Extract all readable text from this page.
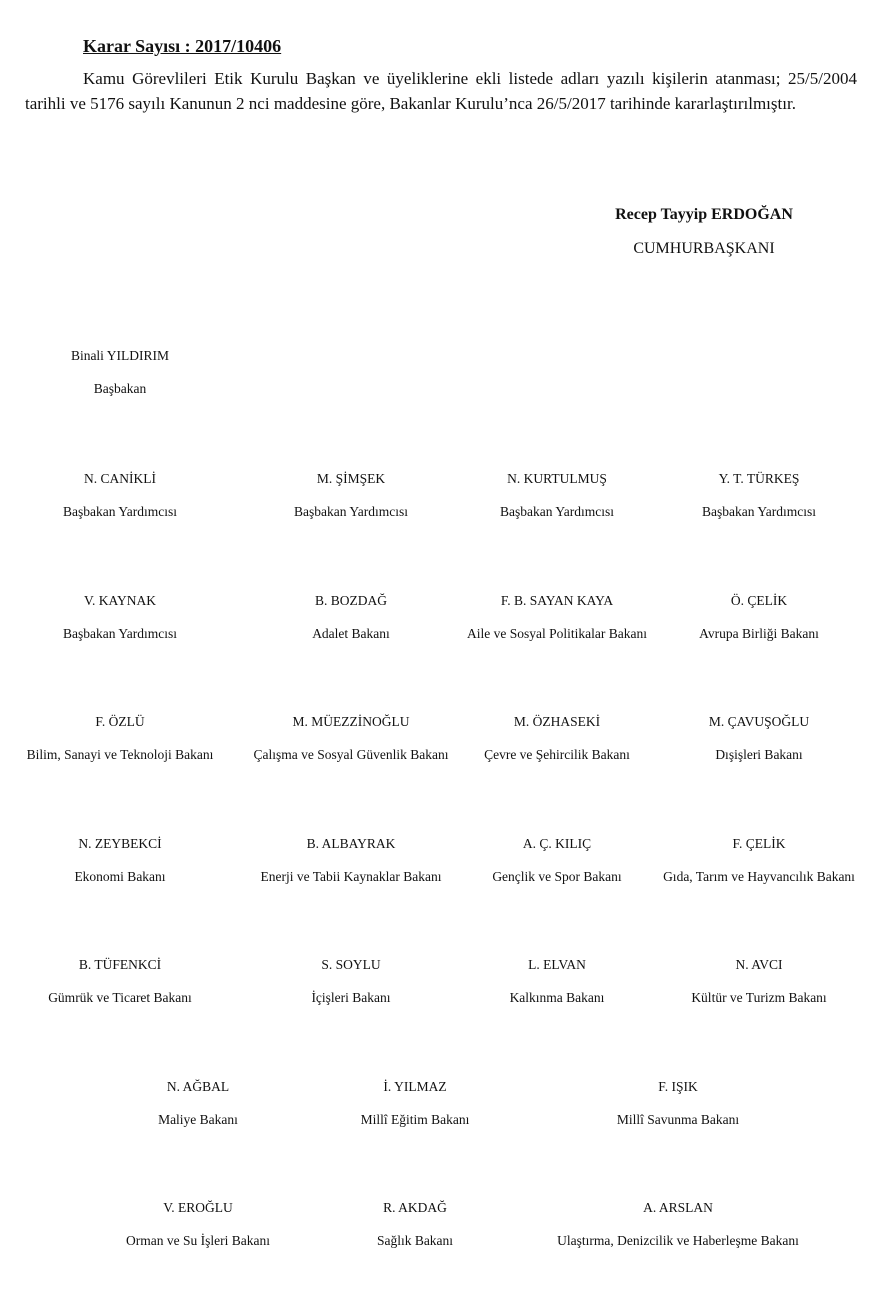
Karar Sayısı : 2017/10406
Kamu Görevlileri Etik Kurulu Başkan ve üyeliklerine ekli listede adları yazılı kişilerin atanması; 25/5/2004 tarihli ve 5176 sayılı Kanunun 2 nci maddesine göre, Bakanlar Kurulu’nca 26/5/2017 tarihinde kararlaştırılmıştır.
Recep Tayyip ERDOĞAN
CUMHURBAŞKANI
Binali YILDIRIM
Başbakan
N. CANİKLİ
Başbakan Yardımcısı
M. ŞİMŞEK
Başbakan Yardımcısı
N. KURTULMUŞ
Başbakan Yardımcısı
Y. T. TÜRKEŞ
Başbakan Yardımcısı
V. KAYNAK
Başbakan Yardımcısı
B. BOZDAĞ
Adalet Bakanı
F. B. SAYAN KAYA
Aile ve Sosyal Politikalar Bakanı
Ö. ÇELİK
Avrupa Birliği Bakanı
F. ÖZLÜ
Bilim, Sanayi ve Teknoloji Bakanı
M. MÜEZZİNOĞLU
Çalışma ve Sosyal Güvenlik Bakanı
M. ÖZHASEKİ
Çevre ve Şehircilik Bakanı
M. ÇAVUŞOĞLU
Dışişleri Bakanı
N. ZEYBEKCİ
Ekonomi Bakanı
B. ALBAYRAK
Enerji ve Tabii Kaynaklar Bakanı
A. Ç. KILIÇ
Gençlik ve Spor Bakanı
F. ÇELİK
Gıda, Tarım ve Hayvancılık Bakanı
B. TÜFENKCİ
Gümrük ve Ticaret Bakanı
S. SOYLU
İçişleri Bakanı
L. ELVAN
Kalkınma Bakanı
N. AVCI
Kültür ve Turizm Bakanı
N. AĞBAL
Maliye Bakanı
İ. YILMAZ
Millî Eğitim Bakanı
F. IŞIK
Millî Savunma Bakanı
V. EROĞLU
Orman ve Su İşleri Bakanı
R. AKDAĞ
Sağlık Bakanı
A. ARSLAN
Ulaştırma, Denizcilik ve Haberleşme Bakanı
